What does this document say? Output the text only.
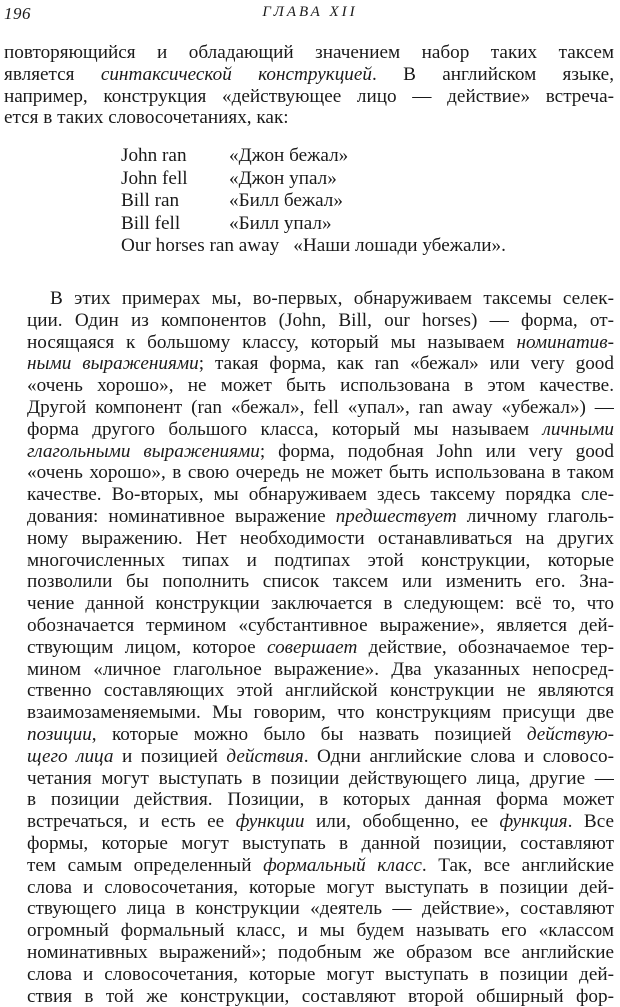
196	ГЛАВА XII
повторяющийся и обладающий значением набор таких таксем
является синтаксической конструкцией. В английском языке,
например, конструкция «действующее лицо — действие» встреча-
ется в таких словосочетаниях, как:
John ran	«Джон бежал»
John fell	«Джон упал»
Bill ran	«Билл бежал»
Bill fell	«Билл упал»
Our horses ran away «Наши лошади убежали».
В этих примерах мы, во-первых, обнаруживаем таксемы селек-
ции. Один из компонентов (John, Bill, our horses) — форма, от-
носящаяся к большому классу, который мы называем номинатив-
ными выражениями; такая форма, как ran «бежал» или very good
«очень хорошо», не может быть использована в этом качестве.
Другой компонент (ran «бежал», fell «упал», ran away «убежал») —
форма другого большого класса, который мы называем личными
глагольными выражениями; форма, подобная John или very good
«очень хорошо», в свою очередь не может быть использована в таком
качестве. Во-вторых, мы обнаруживаем здесь таксему порядка сле-
дования: номинативное выражение предшествует личному глаголь-
ному выражению. Нет необходимости останавливаться на других
многочисленных типах и подтипах этой конструкции, которые
позволили бы пополнить список таксем или изменить его. Зна-
чение данной конструкции заключается в следующем: всё то, что
обозначается термином «субстантивное выражение», является дей-
ствующим лицом, которое совершает действие, обозначаемое тер-
мином «личное глагольное выражение». Два указанных непосред-
ственно составляющих этой английской конструкции не являются
взаимозаменяемыми. Мы говорим, что конструкциям присущи две
позиции, которые можно было бы назвать позицией действую-
щего лица и позицией действия. Одни английские слова и словосо-
четания могут выступать в позиции действующего лица, другие —
в позиции действия. Позиции, в которых данная форма может
встречаться, и есть ее функции или, обобщенно, ее функция. Все
формы, которые могут выступать в данной позиции, составляют
тем самым определенный формальный класс. Так, все английские
слова и словосочетания, которые могут выступать в позиции дей-
ствующего лица в конструкции «деятель — действие», составляют
огромный формальный класс, и мы будем называть его «классом
номинативных выражений»; подобным же образом все английские
слова и словосочетания, которые могут выступать в позиции дей-
ствия в той же конструкции, составляют второй обширный фор-
